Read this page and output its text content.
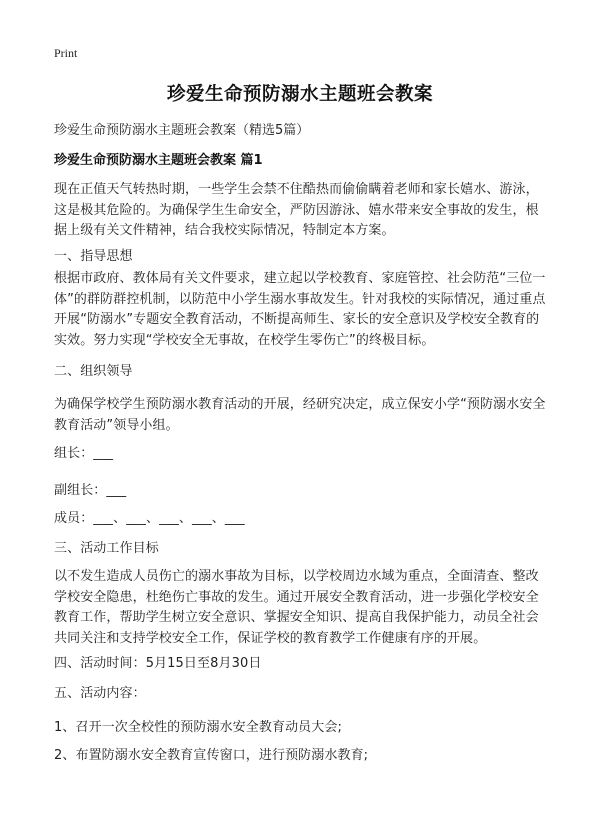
Print
珍爱生命预防溺水主题班会教案
珍爱生命预防溺水主题班会教案（精选5篇）
珍爱生命预防溺水主题班会教案 篇1

现在正值天气转热时期，一些学生会禁不住酷热而偷偷瞒着老师和家长嬉水、游泳，这是极其危险的。为确保学生生命安全，严防因游泳、嬉水带来安全事故的发生，根据上级有关文件精神，结合我校实际情况，特制定本方案。

一、指导思想

根据市政府、教体局有关文件要求，建立起以学校教育、家庭管控、社会防范“三位一体”的群防群控机制，以防范中小学生溺水事故发生。针对我校的实际情况，通过重点开展“防溺水”专题安全教育活动，不断提高师生、家长的安全意识及学校安全教育的实效。努力实现“学校安全无事故，在校学生零伤亡”的终极目标。

二、组织领导

为确保学校学生预防溺水教育活动的开展，经研究决定，成立保安小学“预防溺水安全教育活动”领导小组。

组长：___
副组长：___
成员：___、___、___、___、___
三、活动工作目标

以不发生造成人员伤亡的溺水事故为目标，以学校周边水域为重点，全面清查、整改学校安全隐患，杜绝伤亡事故的发生。通过开展安全教育活动，进一步强化学校安全教育工作，帮助学生树立安全意识、掌握安全知识、提高自我保护能力，动员全社会共同关注和支持学校安全工作，保证学校的教育教学工作健康有序的开展。

四、活动时间：5月15日至8月30日
五、活动内容：
1、召开一次全校性的预防溺水安全教育动员大会;
2、布置防溺水安全教育宣传窗口，进行预防溺水教育;
